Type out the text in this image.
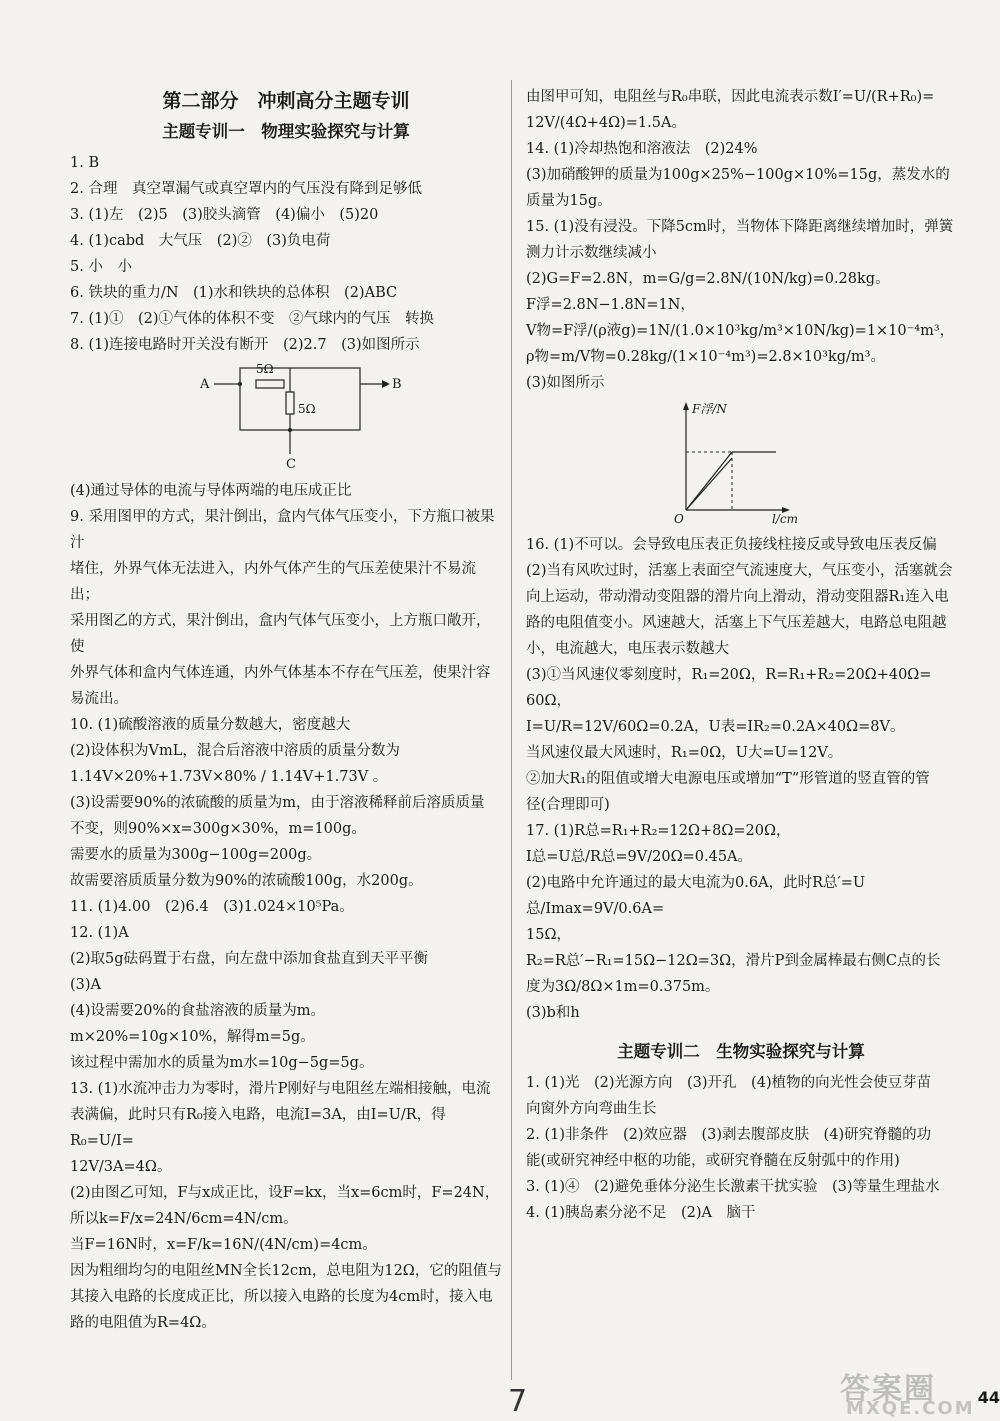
第二部分　冲刺高分主题专训
主题专训一　物理实验探究与计算
1. B
2. 合理　真空罩漏气或真空罩内的气压没有降到足够低
3. (1)左　(2)5　(3)胶头滴管　(4)偏小　(5)20
4. (1)cabd　大气压　(2)②　(3)负电荷
5. 小　小
6. 铁块的重力/N　(1)水和铁块的总体积　(2)ABC
7. (1)①　(2)①气体的体积不变　②气球内的气压　转换
8. (1)连接电路时开关没有断开　(2)2.7　(3)如图所示
A	B
C
5Ω
5Ω
(4)通过导体的电流与导体两端的电压成正比
9. 采用图甲的方式，果汁倒出，盒内气体气压变小，下方瓶口被果汁
堵住，外界气体无法进入，内外气体产生的气压差使果汁不易流出；
采用图乙的方式，果汁倒出，盒内气体气压变小，上方瓶口敞开，使
外界气体和盒内气体连通，内外气体基本不存在气压差，使果汁容
易流出。
10. (1)硫酸溶液的质量分数越大，密度越大
(2)设体积为VmL，混合后溶液中溶质的质量分数为
1.14V×20%+1.73V×80% / 1.14V+1.73V 。
(3)设需要90%的浓硫酸的质量为m，由于溶液稀释前后溶质质量
不变，则90%×x=300g×30%，m=100g。
需要水的质量为300g−100g=200g。
故需要溶质质量分数为90%的浓硫酸100g，水200g。
11. (1)4.00　(2)6.4　(3)1.024×10⁵Pa。
12. (1)A
(2)取5g砝码置于右盘，向左盘中添加食盐直到天平平衡
(3)A
(4)设需要20%的食盐溶液的质量为m。
m×20%=10g×10%，解得m=5g。
该过程中需加水的质量为m水=10g−5g=5g。
13. (1)水流冲击力为零时，滑片P刚好与电阻丝左端相接触，电流
表满偏，此时只有R₀接入电路，电流I=3A，由I=U/R，得R₀=U/I=
12V/3A=4Ω。
(2)由图乙可知，F与x成正比，设F=kx，当x=6cm时，F=24N，
所以k=F/x=24N/6cm=4N/cm。
当F=16N时，x=F/k=16N/(4N/cm)=4cm。
因为粗细均匀的电阻丝MN全长12cm，总电阻为12Ω，它的阻值与
其接入电路的长度成正比，所以接入电路的长度为4cm时，接入电
路的电阻值为R=4Ω。
由图甲可知，电阻丝与R₀串联，因此电流表示数I′=U/(R+R₀)=
12V/(4Ω+4Ω)=1.5A。
14. (1)冷却热饱和溶液法　(2)24%
(3)加硝酸钾的质量为100g×25%−100g×10%=15g，蒸发水的
质量为15g。
15. (1)没有浸没。下降5cm时，当物体下降距离继续增加时，弹簧
测力计示数继续减小
(2)G=F=2.8N，m=G/g=2.8N/(10N/kg)=0.28kg。
F浮=2.8N−1.8N=1N，
V物=F浮/(ρ液g)=1N/(1.0×10³kg/m³×10N/kg)=1×10⁻⁴m³，
ρ物=m/V物=0.28kg/(1×10⁻⁴m³)=2.8×10³kg/m³。
(3)如图所示
F浮/N
l/cm
O
16. (1)不可以。会导致电压表正负接线柱接反或导致电压表反偏
(2)当有风吹过时，活塞上表面空气流速度大，气压变小，活塞就会
向上运动，带动滑动变阻器的滑片向上滑动，滑动变阻器R₁连入电
路的电阻值变小。风速越大，活塞上下气压差越大，电路总电阻越
小，电流越大，电压表示数越大
(3)①当风速仪零刻度时，R₁=20Ω，R=R₁+R₂=20Ω+40Ω=
60Ω，
I=U/R=12V/60Ω=0.2A，U表=IR₂=0.2A×40Ω=8V。
当风速仪最大风速时，R₁=0Ω，U大=U=12V。
②加大R₁的阻值或增大电源电压或增加“T”形管道的竖直管的管
径(合理即可)
17. (1)R总=R₁+R₂=12Ω+8Ω=20Ω，
I总=U总/R总=9V/20Ω=0.45A。
(2)电路中允许通过的最大电流为0.6A，此时R总′=U总/Imax=9V/0.6A=
15Ω，
R₂=R总′−R₁=15Ω−12Ω=3Ω，滑片P到金属棒最右侧C点的长
度为3Ω/8Ω×1m=0.375m。
(3)b和h
主题专训二　生物实验探究与计算
1. (1)光　(2)光源方向　(3)开孔　(4)植物的向光性会使豆芽苗
向窗外方向弯曲生长
2. (1)非条件　(2)效应器　(3)剥去腹部皮肤　(4)研究脊髓的功
能(或研究神经中枢的功能，或研究脊髓在反射弧中的作用)
3. (1)④　(2)避免垂体分泌生长激素干扰实验　(3)等量生理盐水
4. (1)胰岛素分泌不足　(2)A　脑干
7	44
答案圈
MXQE.COM
